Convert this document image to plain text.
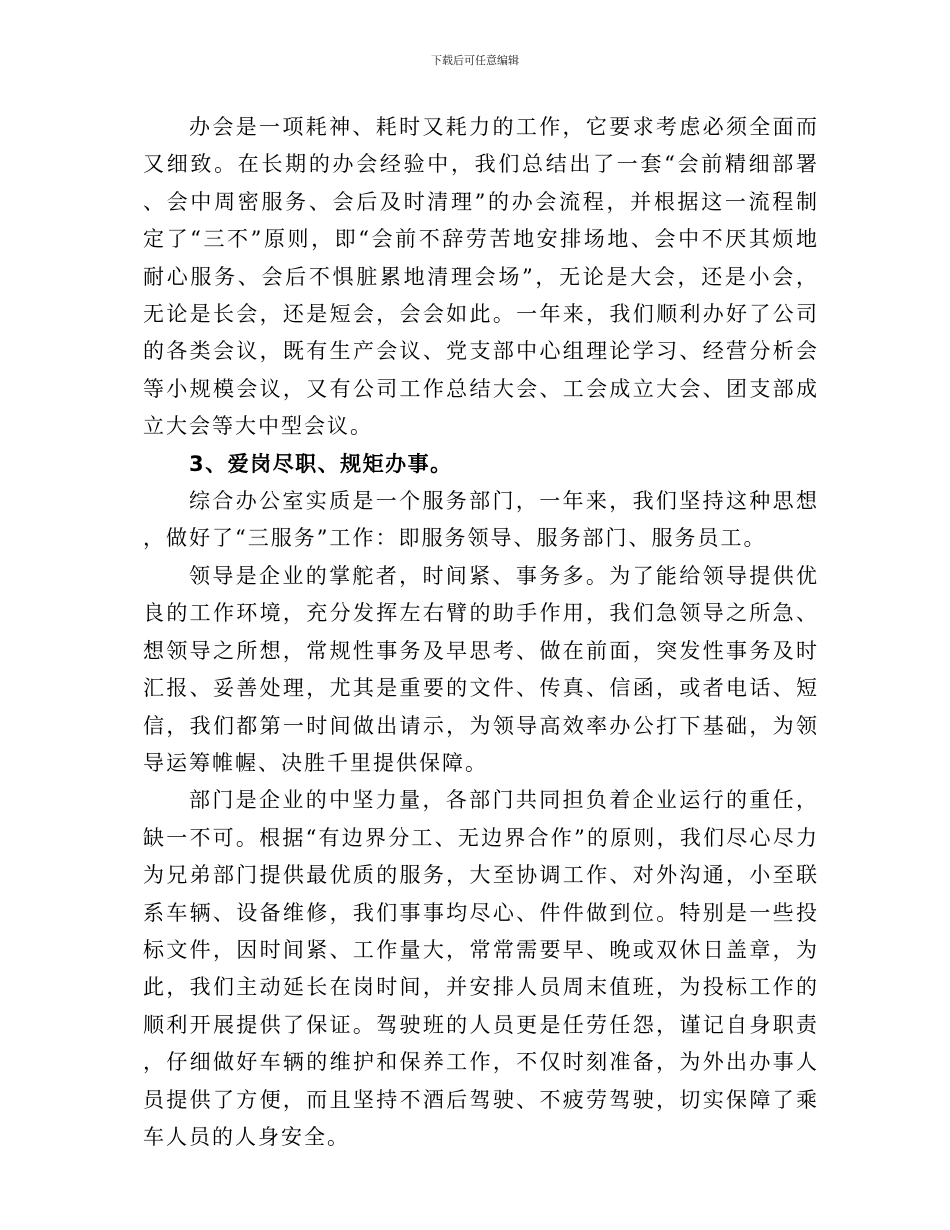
下载后可任意编辑

办会是一项耗神、耗时又耗力的工作，它要求考虑必须全面而又细致。在长期的办会经验中，我们总结出了一套“会前精细部署、会中周密服务、会后及时清理”的办会流程，并根据这一流程制定了“三不”原则，即“会前不辞劳苦地安排场地、会中不厌其烦地耐心服务、会后不惧脏累地清理会场”，无论是大会，还是小会，无论是长会，还是短会，会会如此。一年来，我们顺利办好了公司的各类会议，既有生产会议、党支部中心组理论学习、经营分析会等小规模会议，又有公司工作总结大会、工会成立大会、团支部成立大会等大中型会议。

3、爱岗尽职、规矩办事。

综合办公室实质是一个服务部门，一年来，我们坚持这种思想，做好了“三服务”工作：即服务领导、服务部门、服务员工。

领导是企业的掌舵者，时间紧、事务多。为了能给领导提供优良的工作环境，充分发挥左右臂的助手作用，我们急领导之所急、想领导之所想，常规性事务及早思考、做在前面，突发性事务及时汇报、妥善处理，尤其是重要的文件、传真、信函，或者电话、短信，我们都第一时间做出请示，为领导高效率办公打下基础，为领导运筹帷幄、决胜千里提供保障。

部门是企业的中坚力量，各部门共同担负着企业运行的重任，缺一不可。根据“有边界分工、无边界合作”的原则，我们尽心尽力为兄弟部门提供最优质的服务，大至协调工作、对外沟通，小至联系车辆、设备维修，我们事事均尽心、件件做到位。特别是一些投标文件，因时间紧、工作量大，常常需要早、晚或双休日盖章，为此，我们主动延长在岗时间，并安排人员周末值班，为投标工作的顺利开展提供了保证。驾驶班的人员更是任劳任怨，谨记自身职责，仔细做好车辆的维护和保养工作，不仅时刻准备，为外出办事人员提供了方便，而且坚持不酒后驾驶、不疲劳驾驶，切实保障了乘车人员的人身安全。
